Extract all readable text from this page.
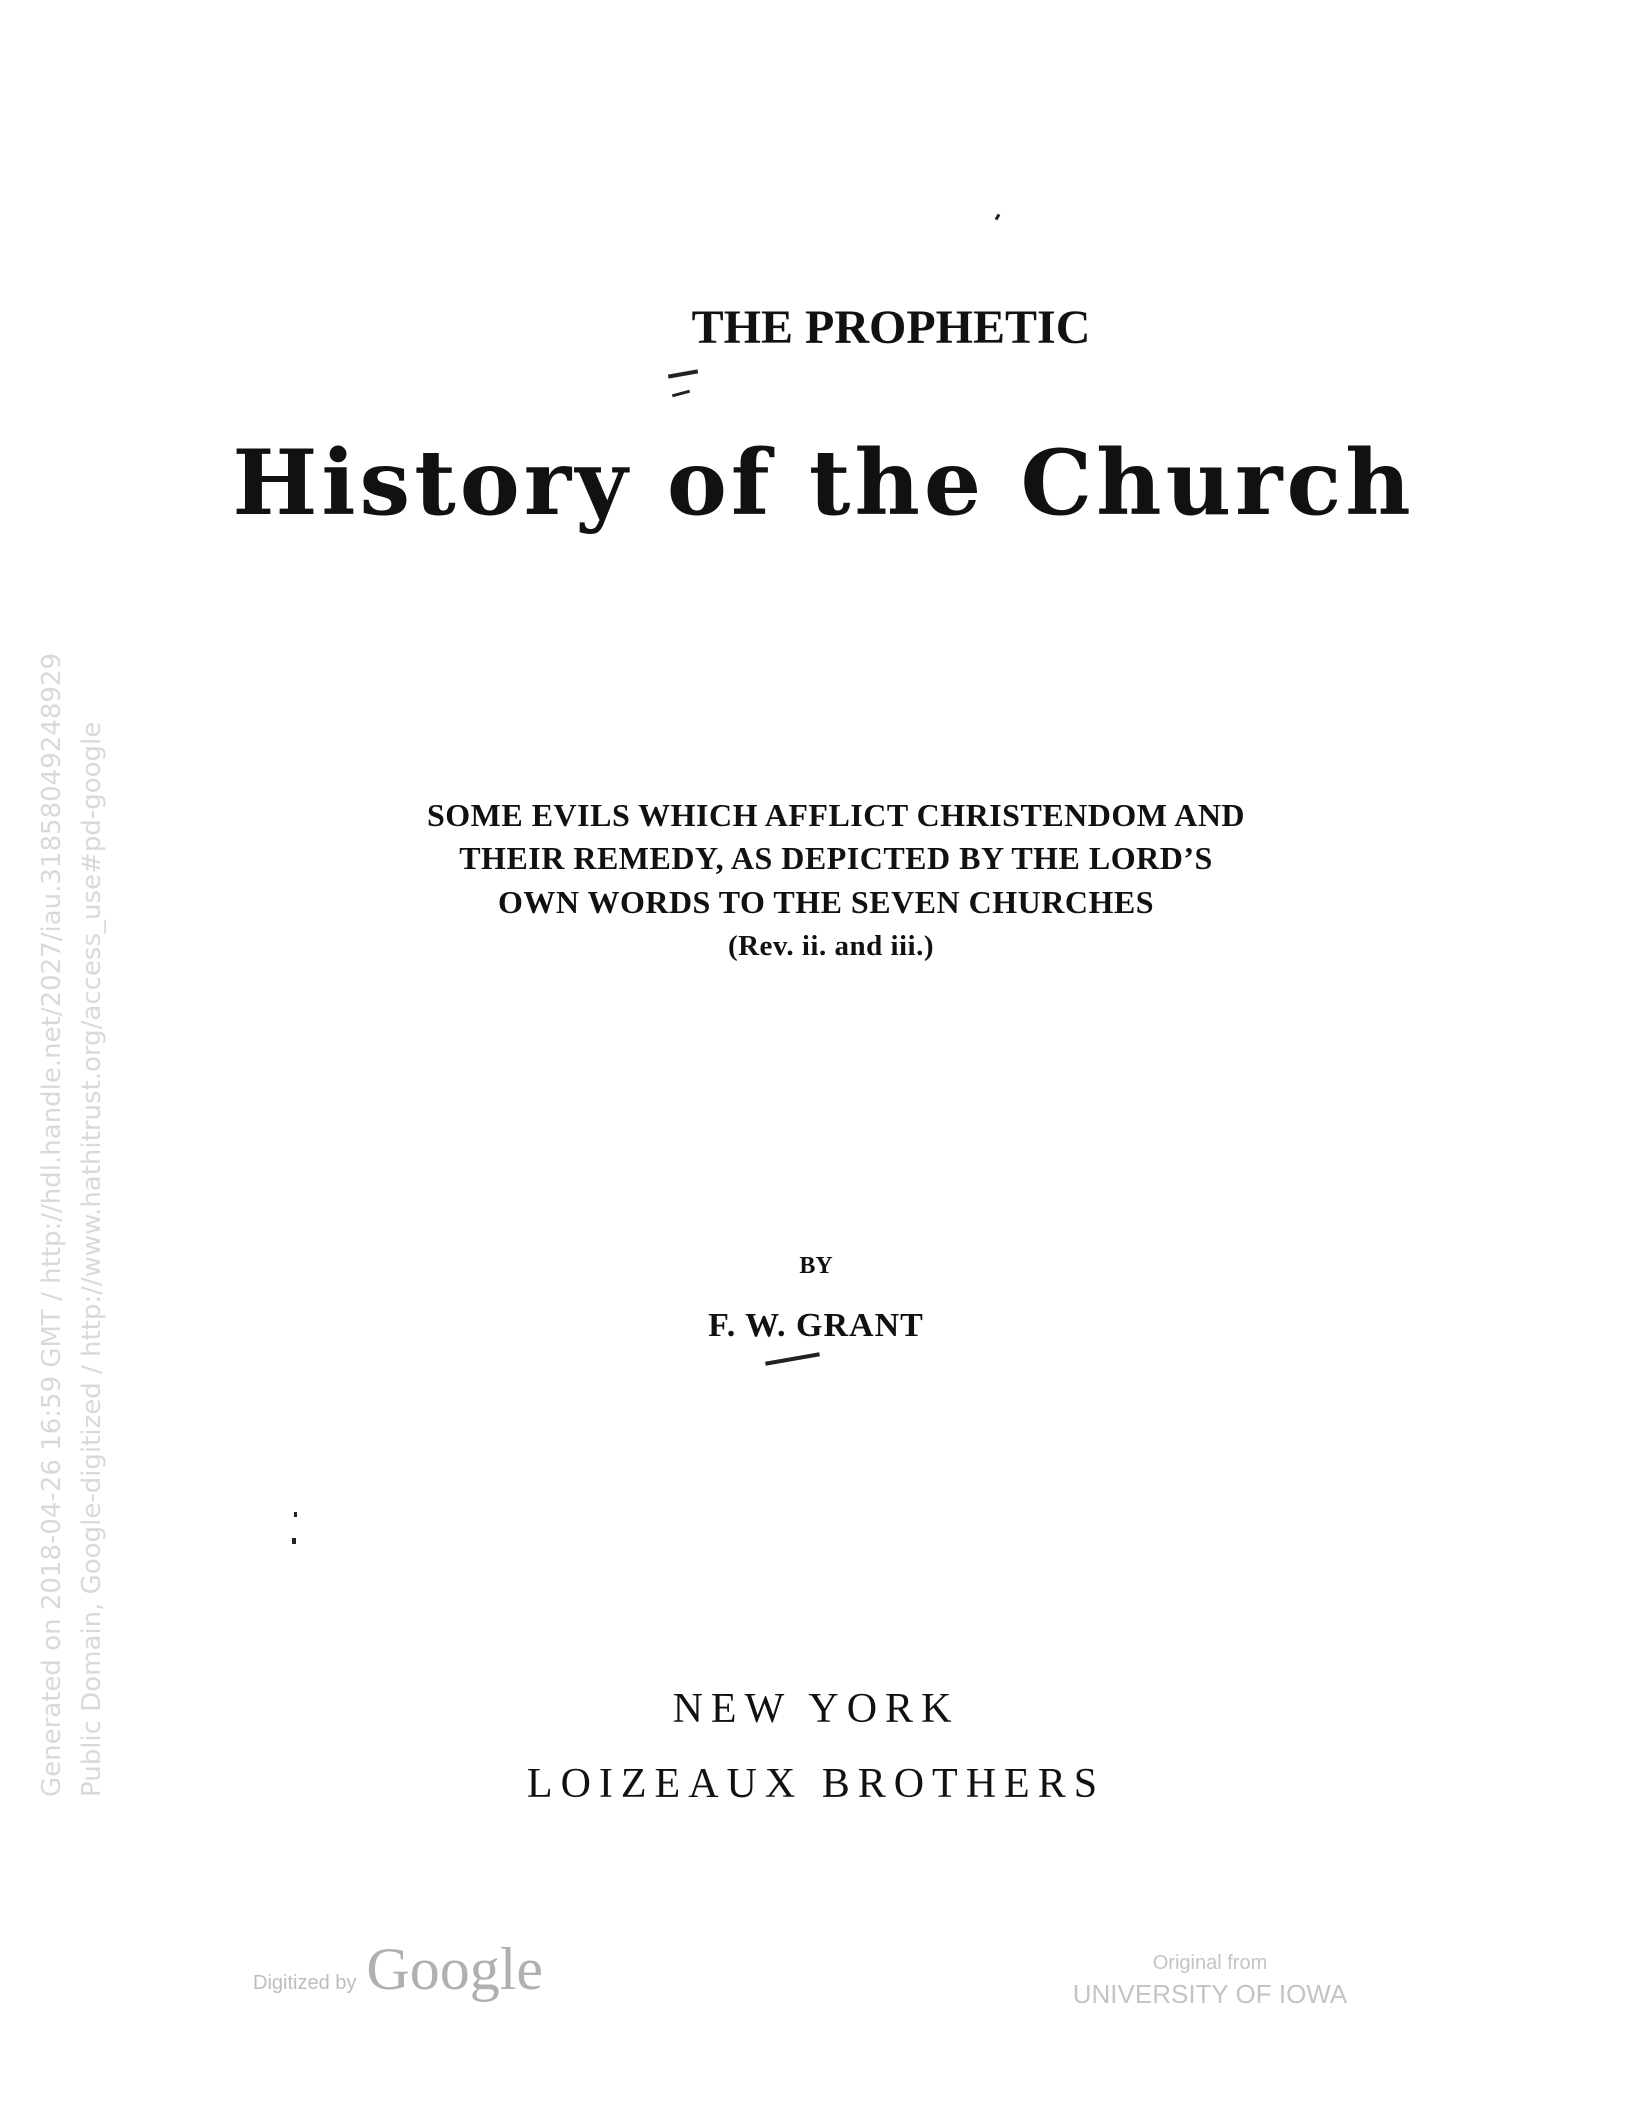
THE PROPHETIC
History of the Church
SOME EVILS WHICH AFFLICT CHRISTENDOM AND
THEIR REMEDY, AS DEPICTED BY THE LORD’S
OWN WORDS TO THE SEVEN CHURCHES
(Rev. ii. and iii.)
BY
F. W. GRANT
NEW YORK
LOIZEAUX BROTHERS
Generated on 2018-04-26 16:59 GMT / http://hdl.handle.net/2027/iau.31858049248929 Public Domain, Google-digitized / http://www.hathitrust.org/access_use#pd-google
Digitized by Google	Original from
UNIVERSITY OF IOWA
